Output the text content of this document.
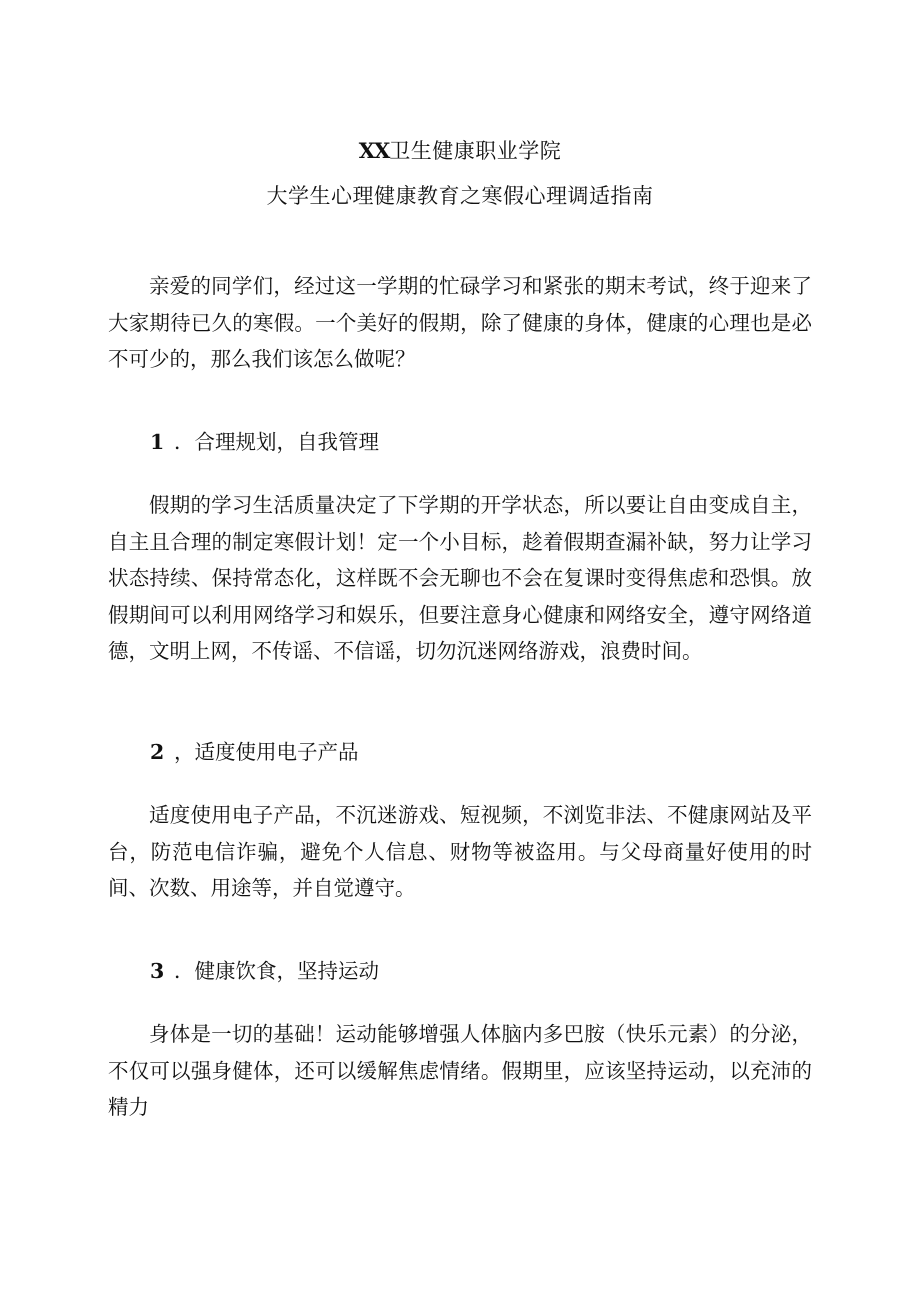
XX卫生健康职业学院
大学生心理健康教育之寒假心理调适指南

亲爱的同学们，经过这一学期的忙碌学习和紧张的期末考试，终于迎来了大家期待已久的寒假。一个美好的假期，除了健康的身体，健康的心理也是必不可少的，那么我们该怎么做呢？

1 ．合理规划，自我管理

假期的学习生活质量决定了下学期的开学状态，所以要让自由变成自主，自主且合理的制定寒假计划！定一个小目标，趁着假期查漏补缺，努力让学习状态持续、保持常态化，这样既不会无聊也不会在复课时变得焦虑和恐惧。放假期间可以利用网络学习和娱乐，但要注意身心健康和网络安全，遵守网络道德，文明上网，不传谣、不信谣，切勿沉迷网络游戏，浪费时间。

2 ，适度使用电子产品

适度使用电子产品，不沉迷游戏、短视频，不浏览非法、不健康网站及平台，防范电信诈骗，避免个人信息、财物等被盗用。与父母商量好使用的时间、次数、用途等，并自觉遵守。

3 ．健康饮食，坚持运动

身体是一切的基础！运动能够增强人体脑内多巴胺（快乐元素）的分泌，不仅可以强身健体，还可以缓解焦虑情绪。假期里，应该坚持运动，以充沛的精力
